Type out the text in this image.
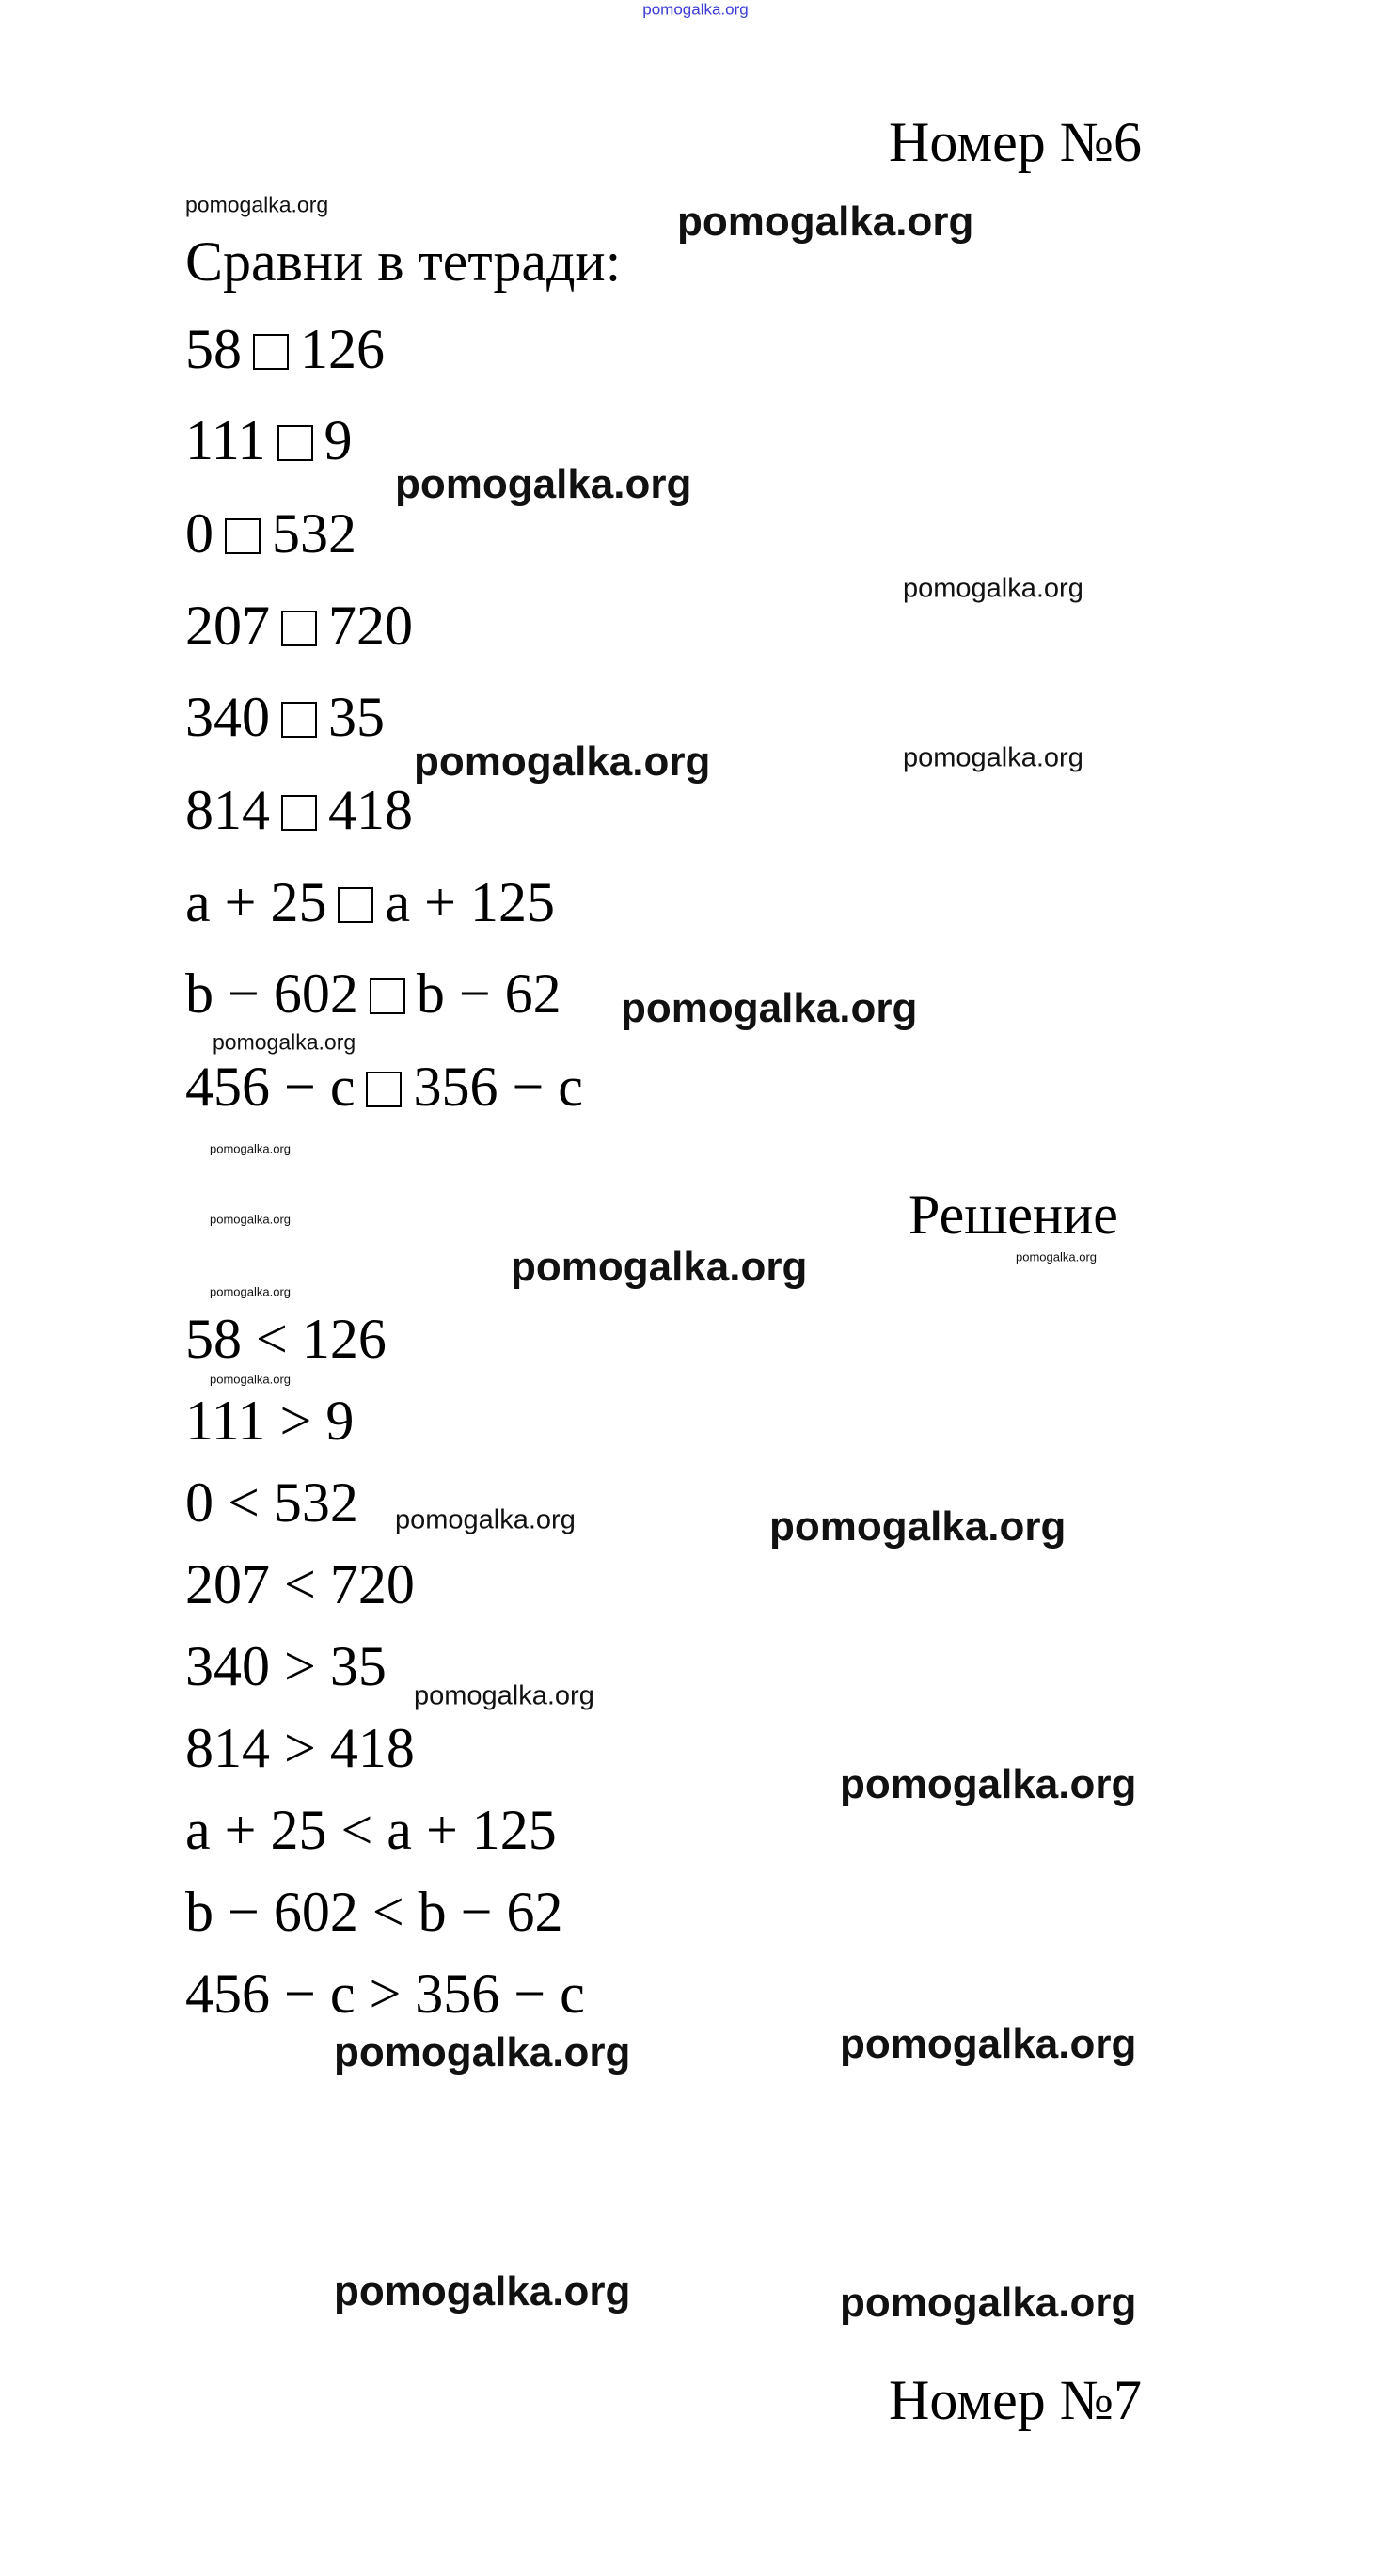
pomogalka.org
Номер №6
Сравни в тетради:
58 126
111 9
0 532
207 720
340 35
814 418
a + 25 a + 125
b − 602 b − 62
456 − c 356 − c
Решение
58 < 126
111 > 9
0 < 532
207 < 720
340 > 35
814 > 418
a + 25 < a + 125
b − 602 < b − 62
456 − c > 356 − c
Номер №7
pomogalka.org	pomogalka.org
pomogalka.org
pomogalka.org
pomogalka.org	pomogalka.org
pomogalka.org
pomogalka.org
pomogalka.org
pomogalka.org
pomogalka.org	pomogalka.org
pomogalka.org
pomogalka.org
pomogalka.org	pomogalka.org
pomogalka.org
pomogalka.org
pomogalka.org	pomogalka.org
pomogalka.org	pomogalka.org
